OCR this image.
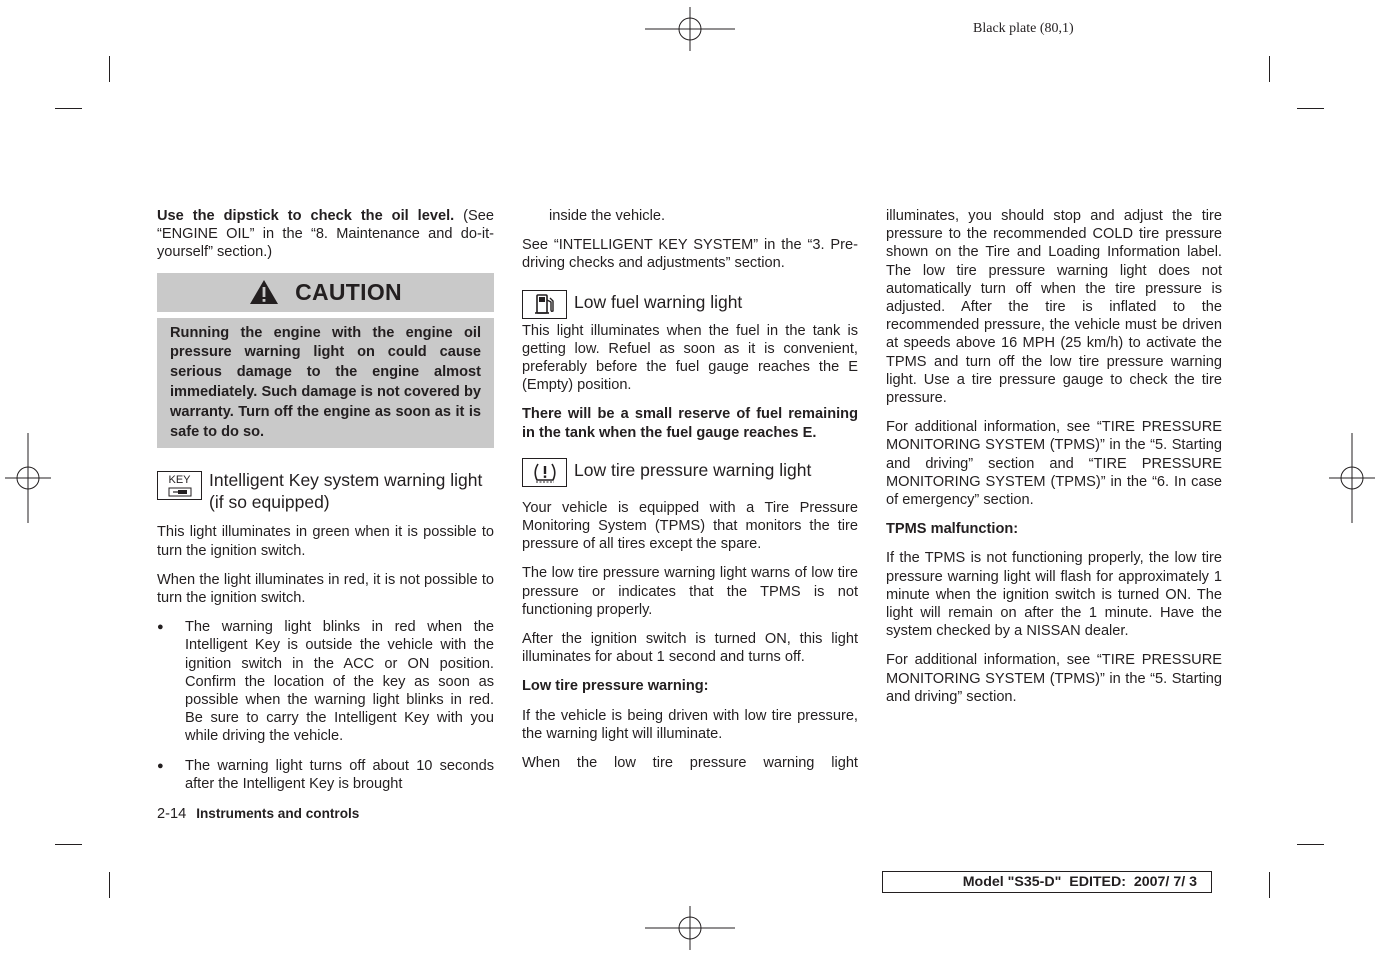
Black plate (80,1)

Use the dipstick to check the oil level. (See “ENGINE OIL” in the “8. Maintenance and do-it-yourself” section.)

CAUTION
Running the engine with the engine oil pressure warning light on could cause serious damage to the engine almost immediately. Such damage is not covered by warranty. Turn off the engine as soon as it is safe to do so.
KEY Intelligent Key system warning light (if so equipped)

This light illuminates in green when it is possible to turn the ignition switch.

When the light illuminates in red, it is not possible to turn the ignition switch.

● The warning light blinks in red when the Intelligent Key is outside the vehicle with the ignition switch in the ACC or ON position. Confirm the location of the key as soon as possible when the warning light blinks in red. Be sure to carry the Intelligent Key with you while driving the vehicle.
● The warning light turns off about 10 seconds after the Intelligent Key is brought

inside the vehicle.

See “INTELLIGENT KEY SYSTEM” in the “3. Pre-driving checks and adjustments” section.

Low fuel warning light

This light illuminates when the fuel in the tank is getting low. Refuel as soon as it is convenient, preferably before the fuel gauge reaches the E (Empty) position.

There will be a small reserve of fuel remaining in the tank when the fuel gauge reaches E.

Low tire pressure warning light

Your vehicle is equipped with a Tire Pressure Monitoring System (TPMS) that monitors the tire pressure of all tires except the spare.

The low tire pressure warning light warns of low tire pressure or indicates that the TPMS is not functioning properly.

After the ignition switch is turned ON, this light illuminates for about 1 second and turns off.

Low tire pressure warning:

If the vehicle is being driven with low tire pressure, the warning light will illuminate.

When the low tire pressure warning light

illuminates, you should stop and adjust the tire pressure to the recommended COLD tire pressure shown on the Tire and Loading Information label. The low tire pressure warning light does not automatically turn off when the tire pressure is adjusted. After the tire is inflated to the recommended pressure, the vehicle must be driven at speeds above 16 MPH (25 km/h) to activate the TPMS and turn off the low tire pressure warning light. Use a tire pressure gauge to check the tire pressure.

For additional information, see “TIRE PRESSURE MONITORING SYSTEM (TPMS)” in the “5. Starting and driving” section and “TIRE PRESSURE MONITORING SYSTEM (TPMS)” in the “6. In case of emergency” section.

TPMS malfunction:

If the TPMS is not functioning properly, the low tire pressure warning light will flash for approximately 1 minute when the ignition switch is turned ON. The light will remain on after the 1 minute. Have the system checked by a NISSAN dealer.

For additional information, see “TIRE PRESSURE MONITORING SYSTEM (TPMS)” in the “5. Starting and driving” section.

2-14 Instruments and controls
Model
"S35-D"
EDITED:
2007/ 7/ 3
